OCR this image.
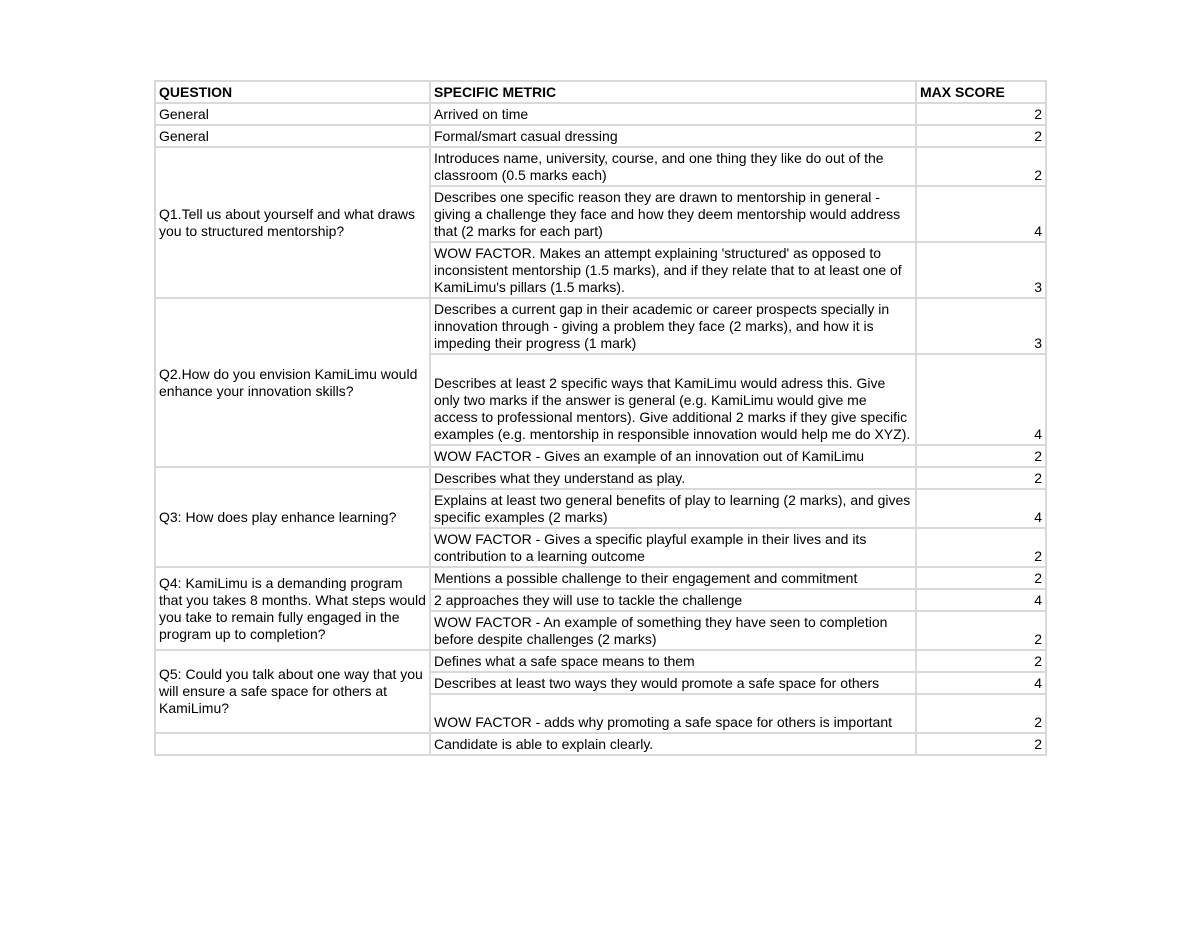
QUESTION	SPECIFIC METRIC	MAX SCORE
General	Arrived on time	2
General	Formal/smart casual dressing	2
Q1.Tell us about yourself and what draws you to structured mentorship?	Introduces name, university, course, and one thing they like do out of the classroom (0.5 marks each)	2
	Describes one specific reason they are drawn to mentorship in general - giving a challenge they face and how they deem mentorship would address that (2 marks for each part)	4
	WOW FACTOR. Makes an attempt explaining 'structured' as opposed to inconsistent mentorship (1.5 marks), and if they relate that to at least one of KamiLimu's pillars (1.5 marks).	3
Q2.How do you envision KamiLimu would enhance your innovation skills?	Describes a current gap in their academic or career prospects specially in innovation through - giving a problem they face (2 marks), and how it is impeding their progress (1 mark)	3
	Describes at least 2 specific ways that KamiLimu would adress this. Give only two marks if the answer is general (e.g. KamiLimu would give me access to professional mentors). Give additional 2 marks if they give specific examples (e.g. mentorship in responsible innovation would help me do XYZ).	4
	WOW FACTOR - Gives an example of an innovation out of KamiLimu	2
Q3: How does play enhance learning?	Describes what they understand as play.	2
	Explains at least two general benefits of play to learning (2 marks), and gives specific examples (2 marks)	4
	WOW FACTOR - Gives a specific playful example in their lives and its contribution to a learning outcome	2
Q4: KamiLimu is a demanding program that you takes 8 months. What steps would you take to remain fully engaged in the program up to completion?	Mentions a possible challenge to their engagement and commitment	2
	2 approaches they will use to tackle the challenge	4
	WOW FACTOR - An example of something they have seen to completion before despite challenges (2 marks)	2
Q5: Could you talk about one way that you will ensure a safe space for others at KamiLimu?	Defines what a safe space means to them	2
	Describes at least two ways they would promote a safe space for others	4
	WOW FACTOR - adds why promoting a safe space for others is important	2
	Candidate is able to explain clearly.	2
